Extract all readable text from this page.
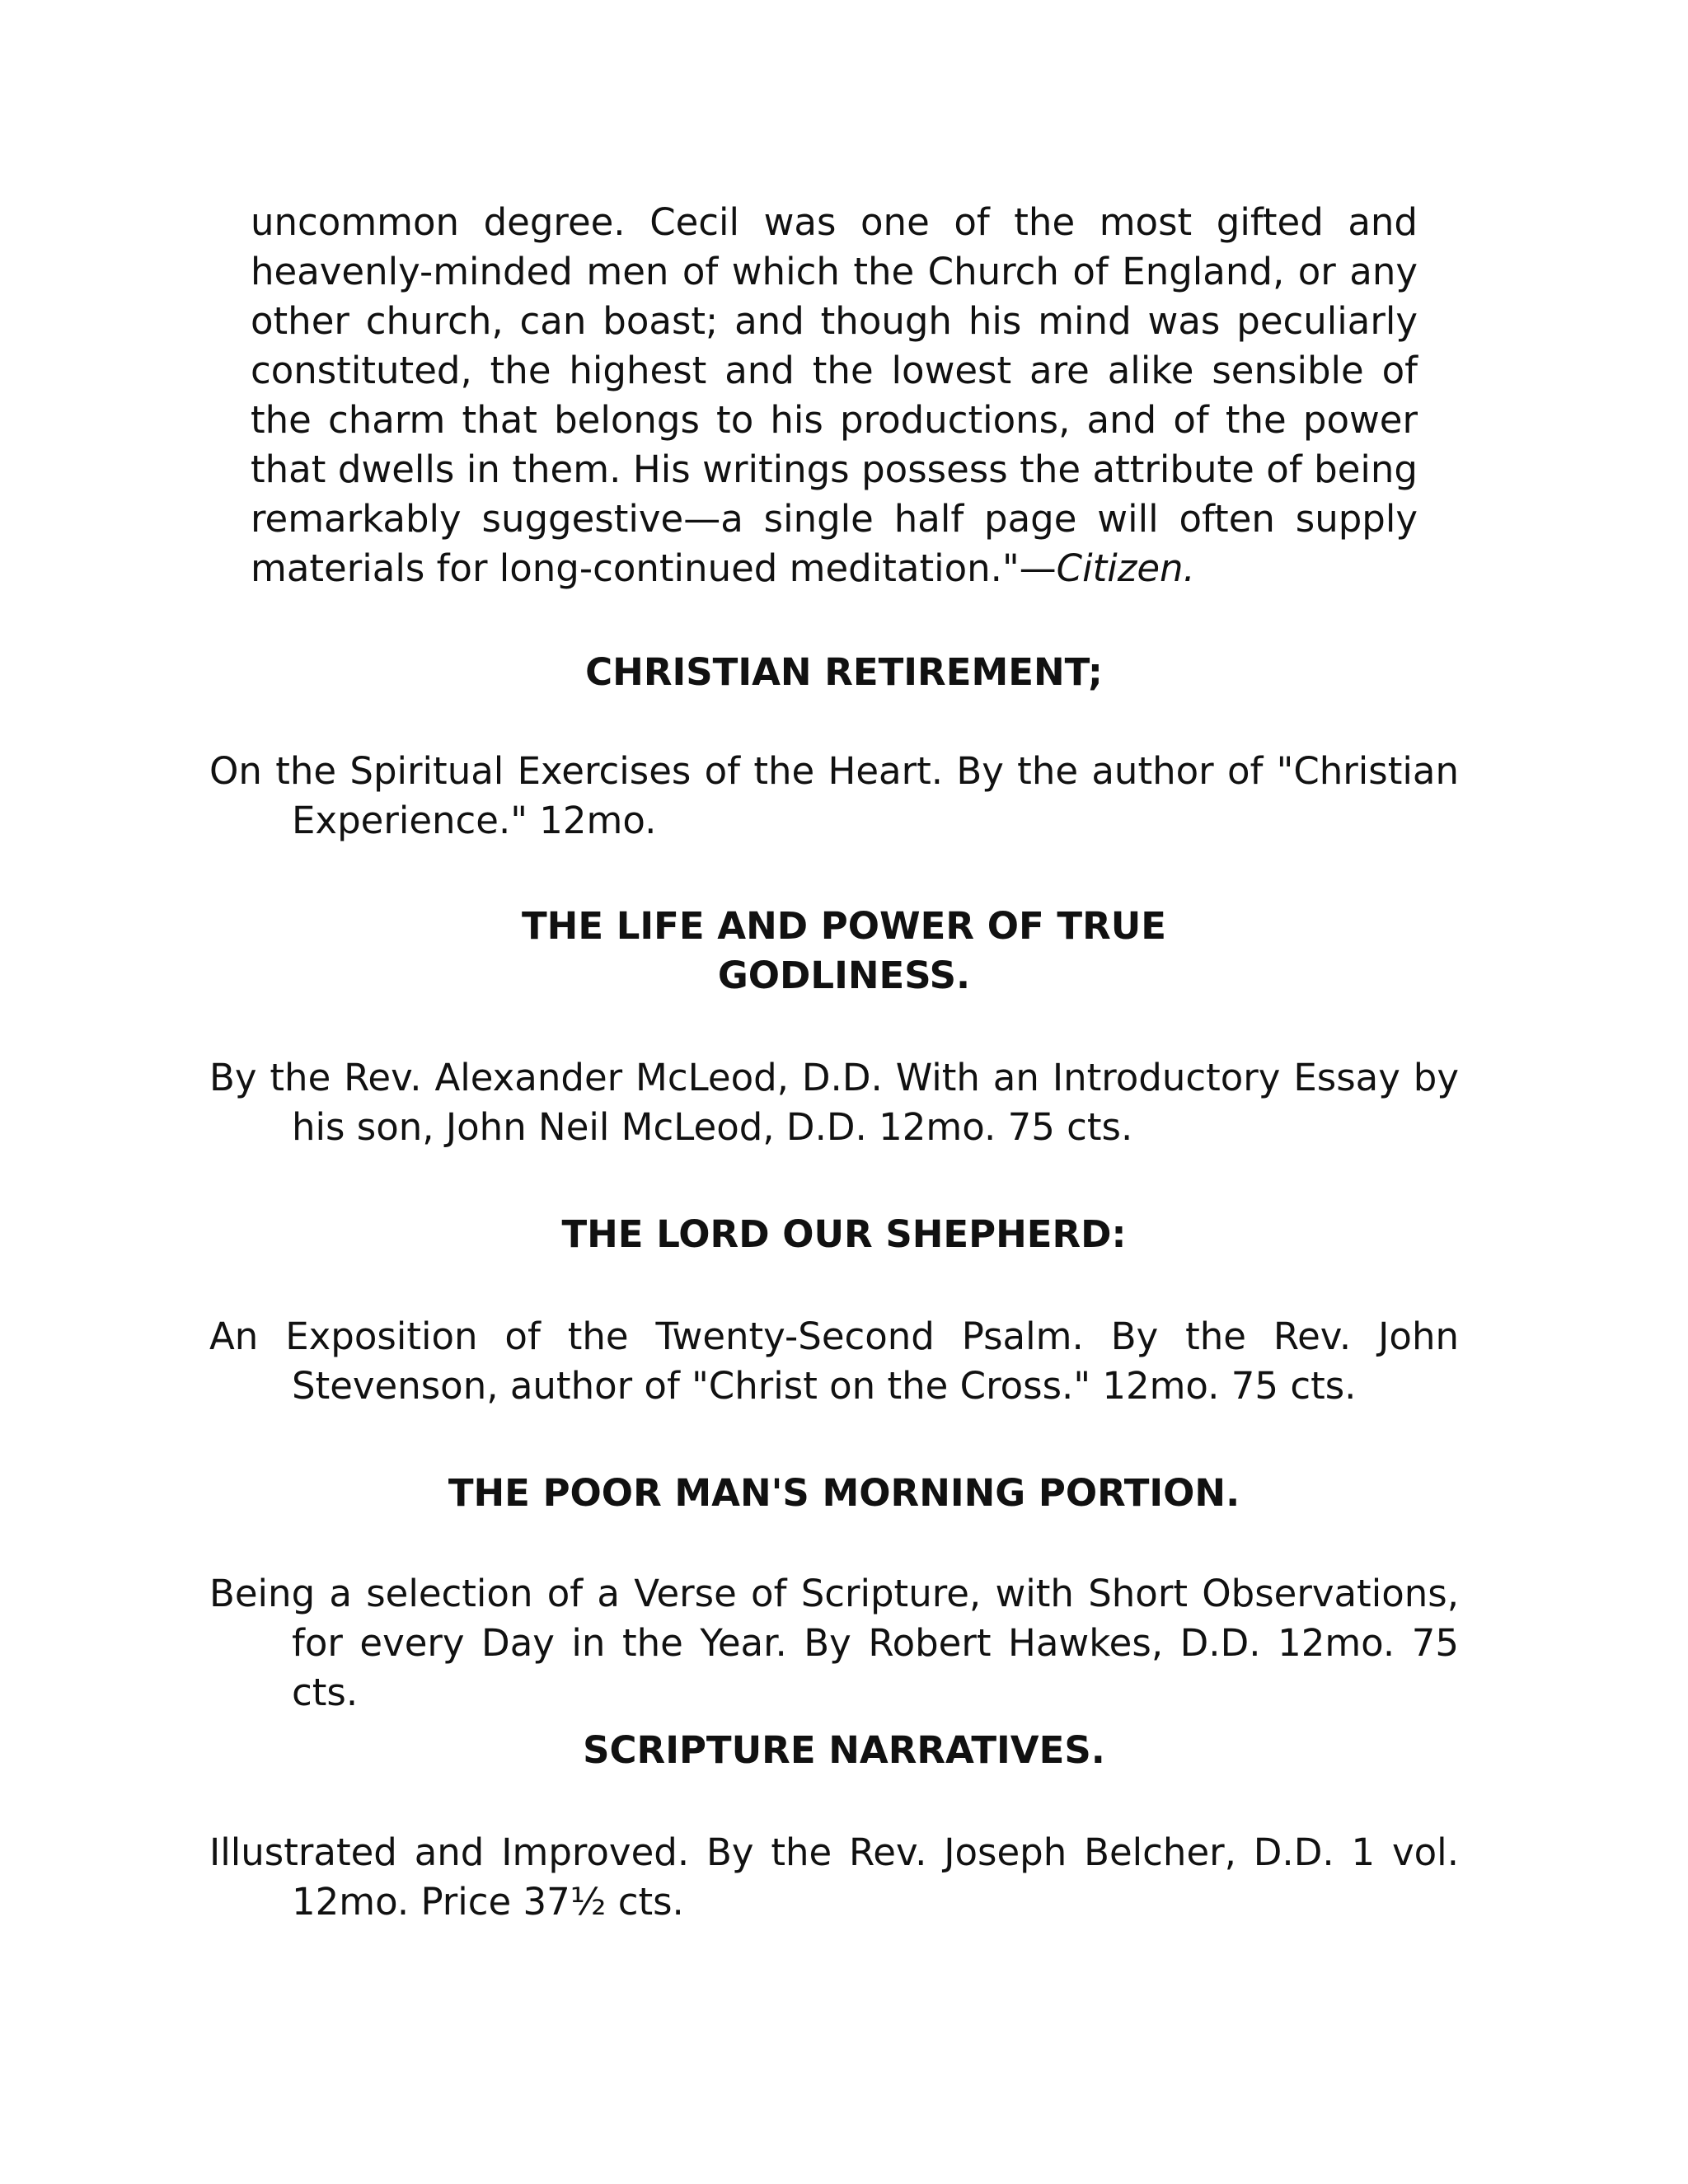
uncommon degree. Cecil was one of the most gifted and heavenly-minded men of which the Church of England, or any other church, can boast; and though his mind was peculiarly constituted, the highest and the lowest are alike sensible of the charm that belongs to his productions, and of the power that dwells in them. His writings possess the attribute of being remarkably suggestive—a single half page will often supply materials for long-continued meditation."—Citizen.

CHRISTIAN RETIREMENT;

On the Spiritual Exercises of the Heart. By the author of "Christian Experience." 12mo.

THE LIFE AND POWER OF TRUE
GODLINESS.

By the Rev. Alexander McLeod, D.D. With an Introductory Essay by his son, John Neil McLeod, D.D. 12mo. 75 cts.

THE LORD OUR SHEPHERD:

An Exposition of the Twenty-Second Psalm. By the Rev. John Stevenson, author of "Christ on the Cross." 12mo. 75 cts.

THE POOR MAN'S MORNING PORTION.

Being a selection of a Verse of Scripture, with Short Observations, for every Day in the Year. By Robert Hawkes, D.D. 12mo. 75 cts.

SCRIPTURE NARRATIVES.

Illustrated and Improved. By the Rev. Joseph Belcher, D.D. 1 vol. 12mo. Price 37½ cts.
